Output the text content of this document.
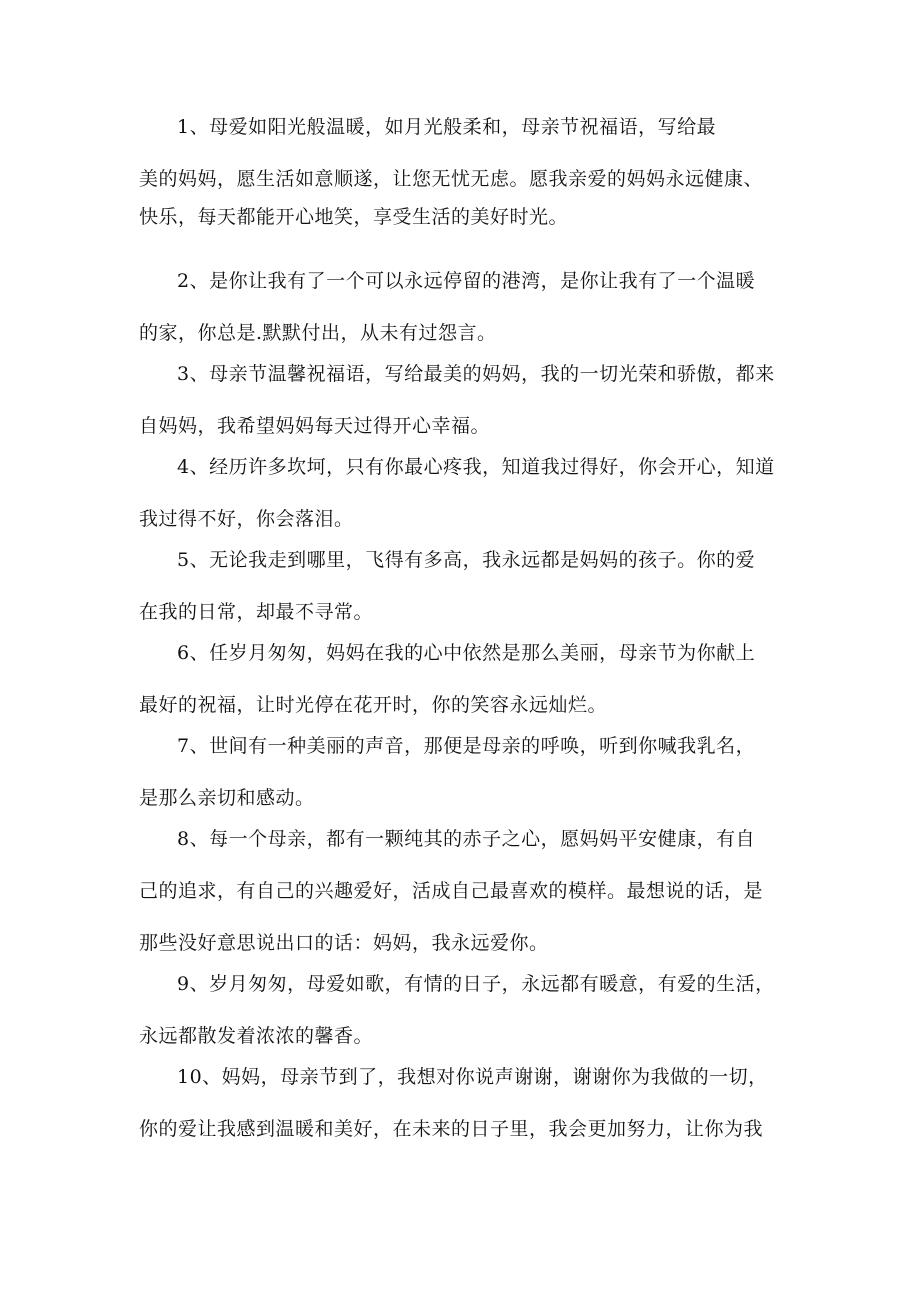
1、母爱如阳光般温暖，如月光般柔和，母亲节祝福语，写给最
美的妈妈，愿生活如意顺遂，让您无忧无虑。愿我亲爱的妈妈永远健康、
快乐，每天都能开心地笑，享受生活的美好时光。

2、是你让我有了一个可以永远停留的港湾，是你让我有了一个温暖
的家，你总是.默默付出，从未有过怨言。

3、母亲节温馨祝福语，写给最美的妈妈，我的一切光荣和骄傲，都来
自妈妈，我希望妈妈每天过得开心幸福。

4、经历许多坎坷，只有你最心疼我，知道我过得好，你会开心，知道
我过得不好，你会落泪。

5、无论我走到哪里，飞得有多高，我永远都是妈妈的孩子。你的爱
在我的日常，却最不寻常。

6、任岁月匆匆，妈妈在我的心中依然是那么美丽，母亲节为你献上
最好的祝福，让时光停在花开时，你的笑容永远灿烂。

7、世间有一种美丽的声音，那便是母亲的呼唤，听到你喊我乳名，
是那么亲切和感动。

8、每一个母亲，都有一颗纯其的赤子之心，愿妈妈平安健康，有自
己的追求，有自己的兴趣爱好，活成自己最喜欢的模样。最想说的话，是
那些没好意思说出口的话：妈妈，我永远爱你。

9、岁月匆匆，母爱如歌，有情的日子，永远都有暖意，有爱的生活，
永远都散发着浓浓的馨香。

10、妈妈，母亲节到了，我想对你说声谢谢，谢谢你为我做的一切，
你的爱让我感到温暖和美好，在未来的日子里，我会更加努力，让你为我
